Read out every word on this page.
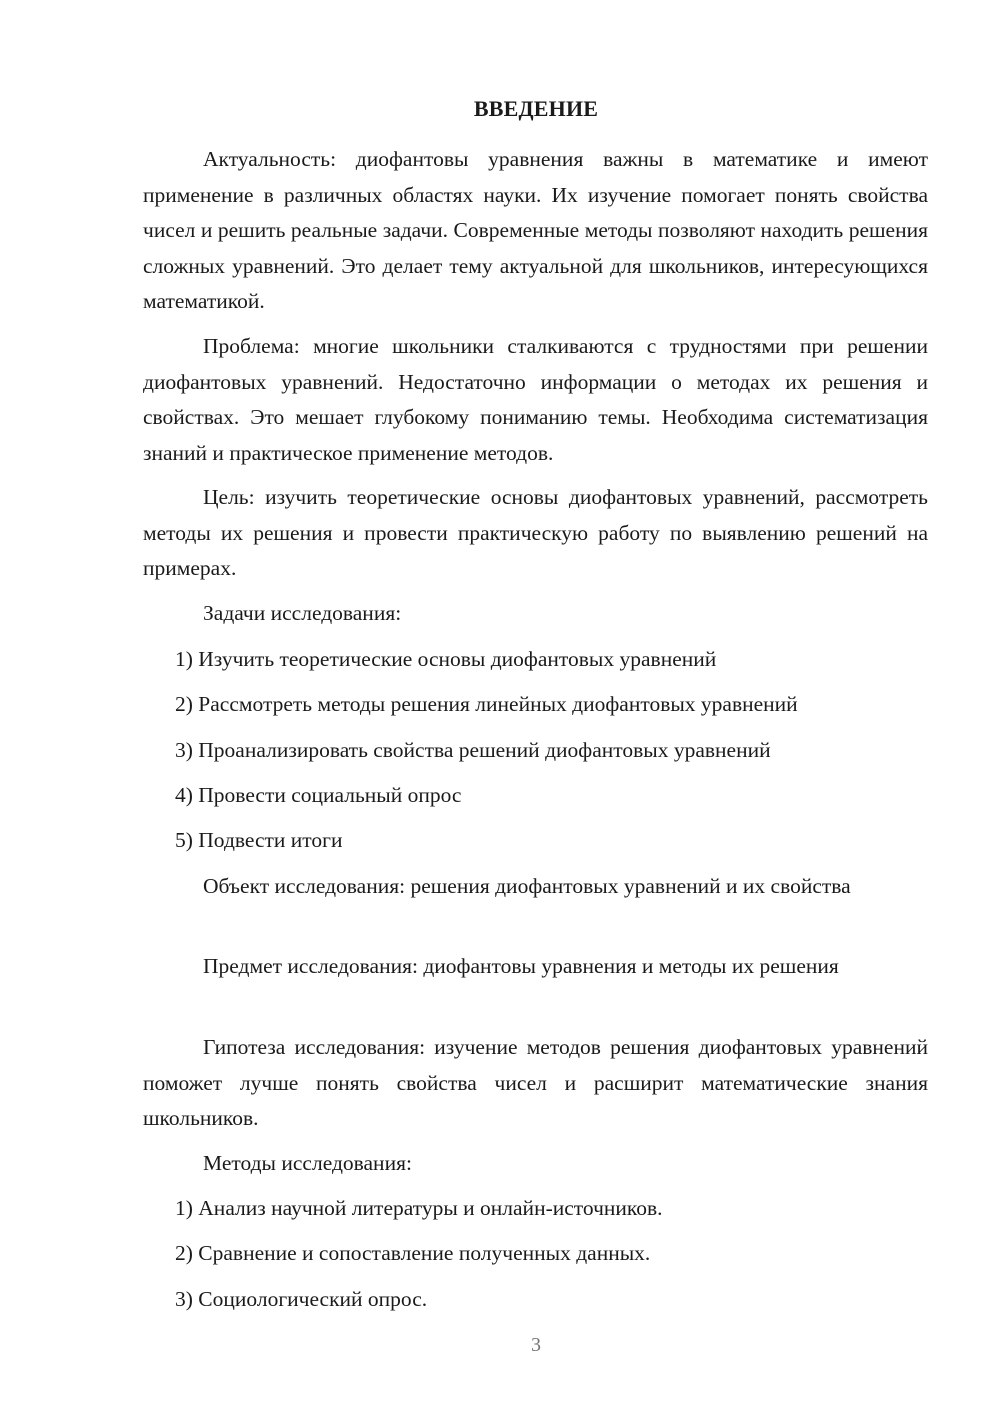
ВВЕДЕНИЕ
Актуальность: диофантовы уравнения важны в математике и имеют применение в различных областях науки. Их изучение помогает понять свойства чисел и решить реальные задачи. Современные методы позволяют находить решения сложных уравнений. Это делает тему актуальной для школьников, интересующихся математикой.
Проблема: многие школьники сталкиваются с трудностями при решении диофантовых уравнений. Недостаточно информации о методах их решения и свойствах. Это мешает глубокому пониманию темы. Необходима систематизация знаний и практическое применение методов.
Цель: изучить теоретические основы диофантовых уравнений, рассмотреть методы их решения и провести практическую работу по выявлению решений на примерах.
Задачи исследования:
1) Изучить теоретические основы диофантовых уравнений
2) Рассмотреть методы решения линейных диофантовых уравнений
3) Проанализировать свойства решений диофантовых уравнений
4) Провести социальный опрос
5) Подвести итоги
Объект исследования: решения диофантовых уравнений и их свойства
Предмет исследования: диофантовы уравнения и методы их решения
Гипотеза исследования: изучение методов решения диофантовых уравнений поможет лучше понять свойства чисел и расширит математические знания школьников.
Методы исследования:
1) Анализ научной литературы и онлайн-источников.
2) Сравнение и сопоставление полученных данных.
3) Социологический опрос.
3
